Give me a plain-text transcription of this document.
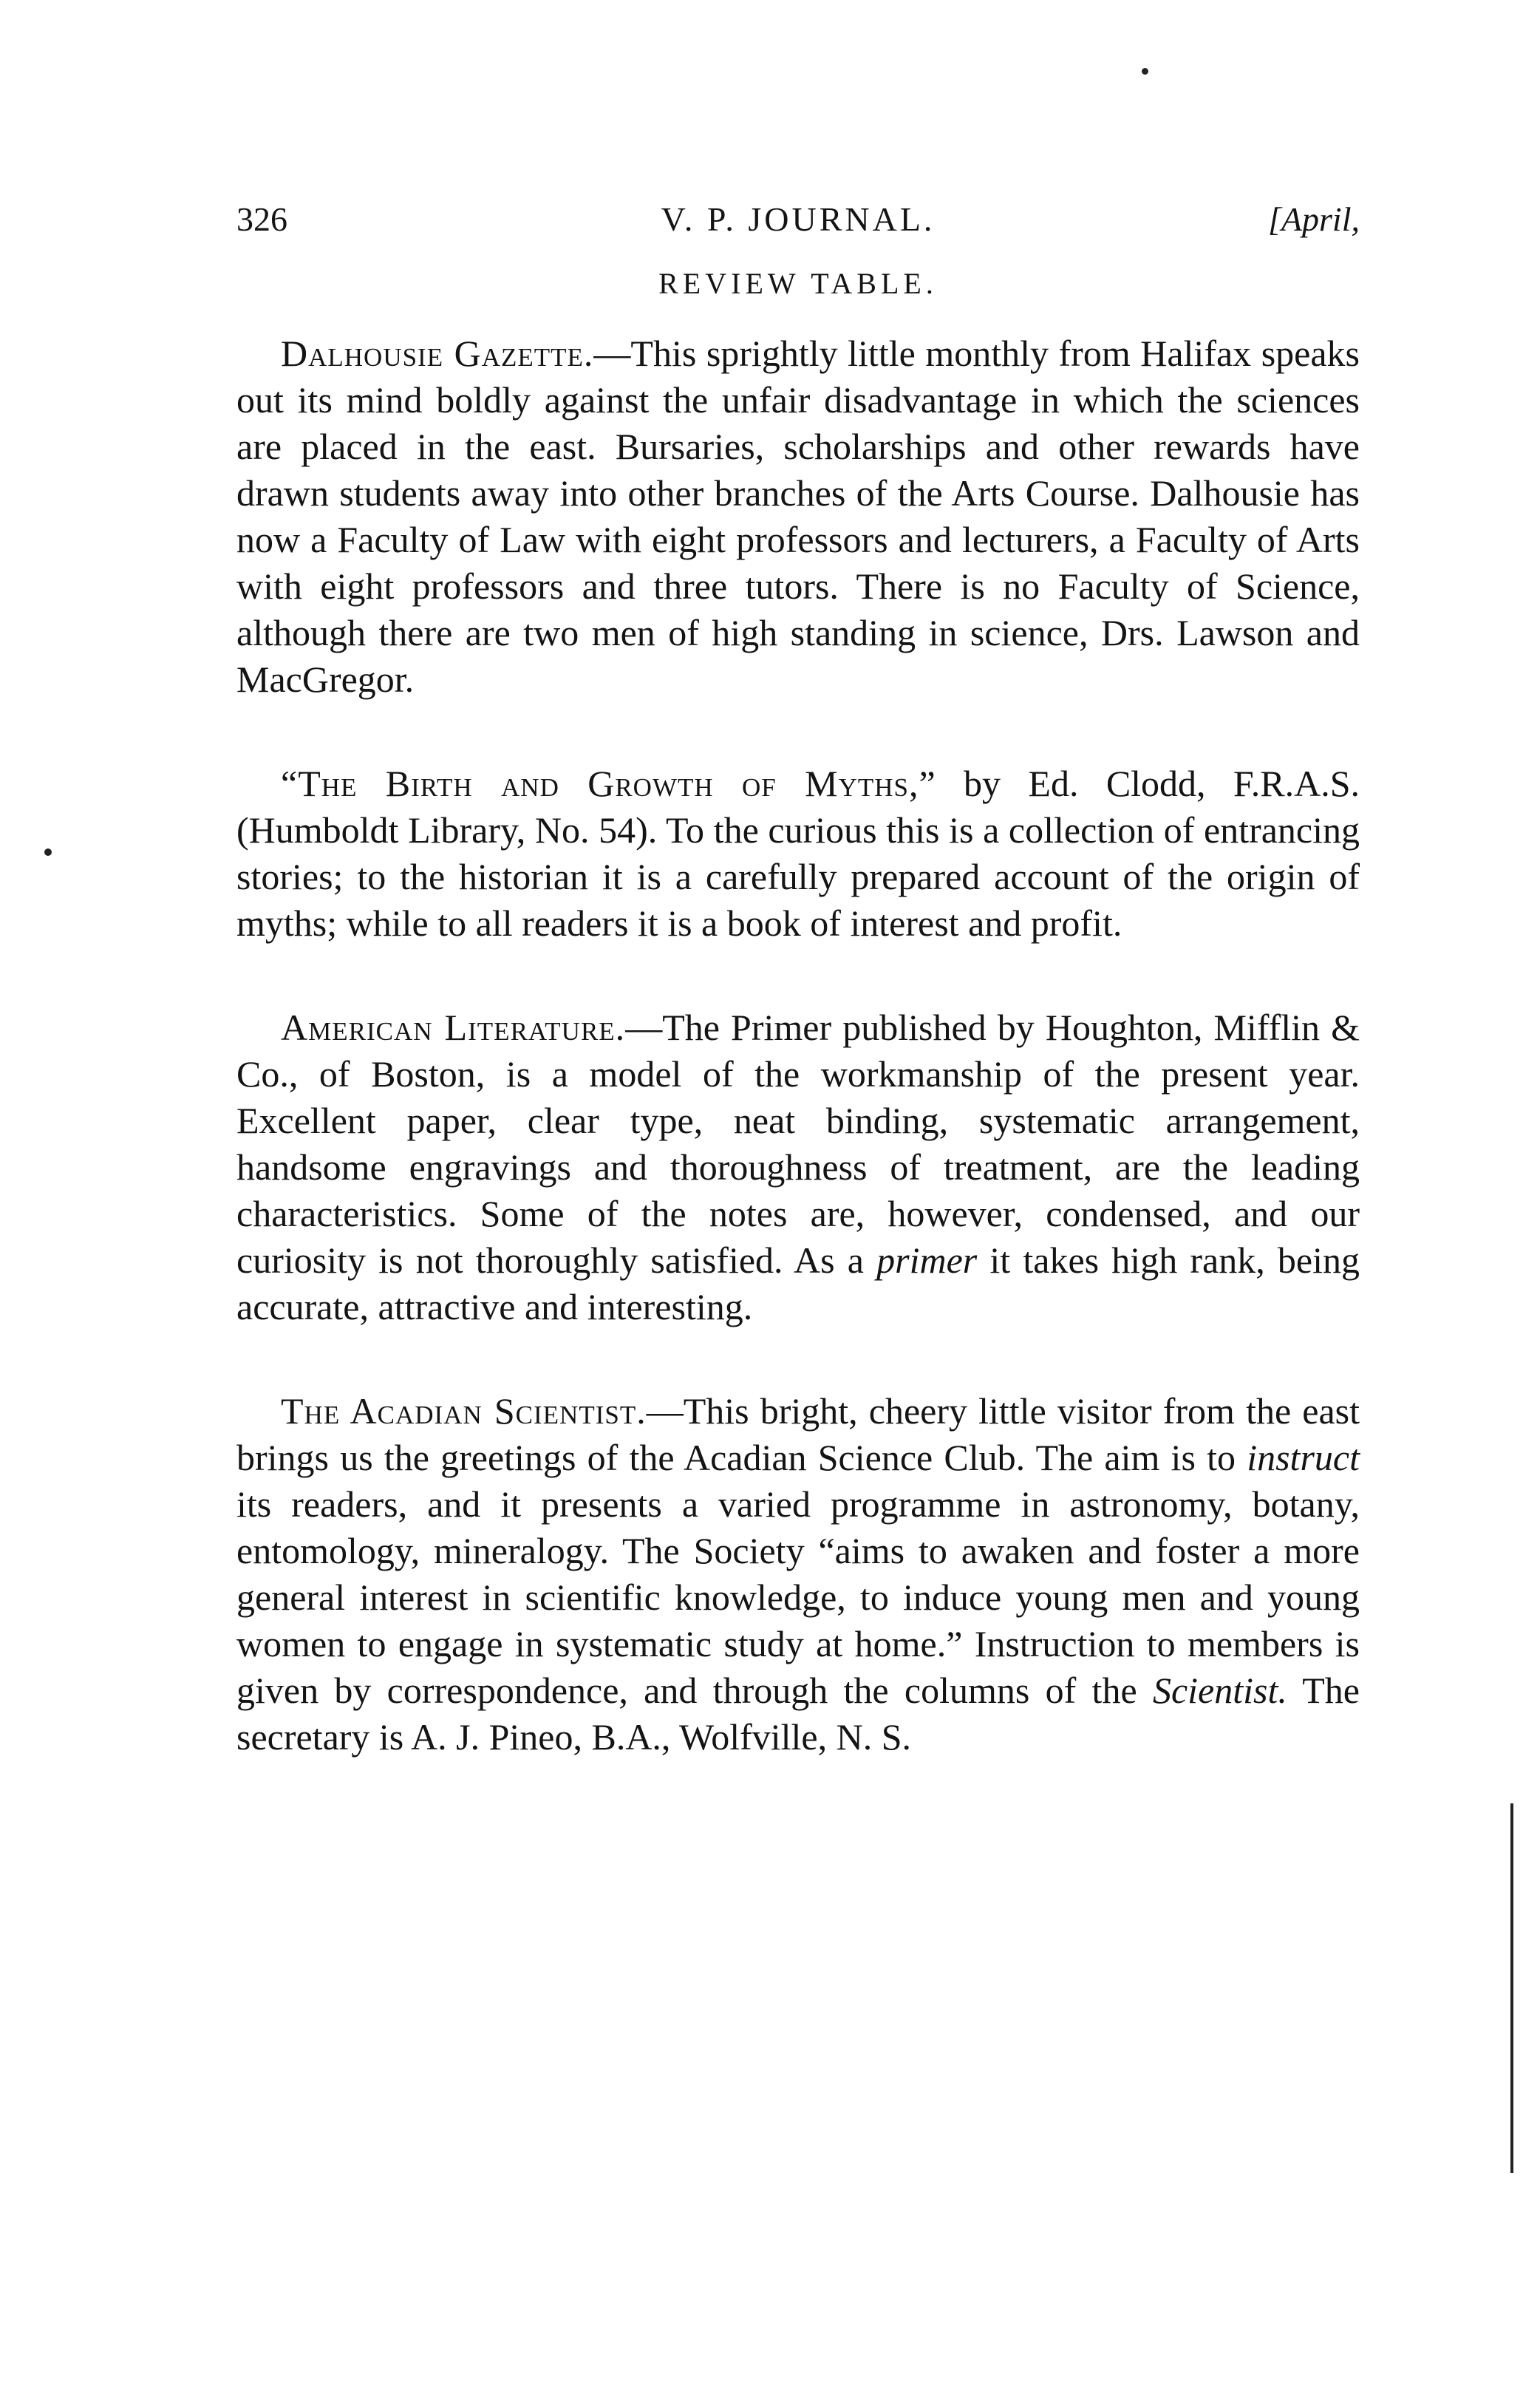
326	V. P. JOURNAL.	[April,
REVIEW TABLE.

Dalhousie Gazette.—This sprightly little monthly from Halifax speaks out its mind boldly against the unfair disadvantage in which the sciences are placed in the east. Bursaries, scholarships and other rewards have drawn students away into other branches of the Arts Course. Dalhousie has now a Faculty of Law with eight professors and lecturers, a Faculty of Arts with eight professors and three tutors. There is no Faculty of Science, although there are two men of high standing in science, Drs. Lawson and MacGregor.

“The Birth and Growth of Myths,” by Ed. Clodd, F.R.A.S. (Humboldt Library, No. 54). To the curious this is a collection of entrancing stories; to the historian it is a carefully prepared account of the origin of myths; while to all readers it is a book of interest and profit.

American Literature.—The Primer published by Houghton, Mifflin & Co., of Boston, is a model of the workmanship of the present year. Excellent paper, clear type, neat binding, systematic arrangement, handsome engravings and thoroughness of treatment, are the leading characteristics. Some of the notes are, however, condensed, and our curiosity is not thoroughly satisfied. As a primer it takes high rank, being accurate, attractive and interesting.

The Acadian Scientist.—This bright, cheery little visitor from the east brings us the greetings of the Acadian Science Club. The aim is to instruct its readers, and it presents a varied programme in astronomy, botany, entomology, mineralogy. The Society “aims to awaken and foster a more general interest in scientific knowledge, to induce young men and young women to engage in systematic study at home.” Instruction to members is given by correspondence, and through the columns of the Scientist. The secretary is A. J. Pineo, B.A., Wolfville, N. S.
